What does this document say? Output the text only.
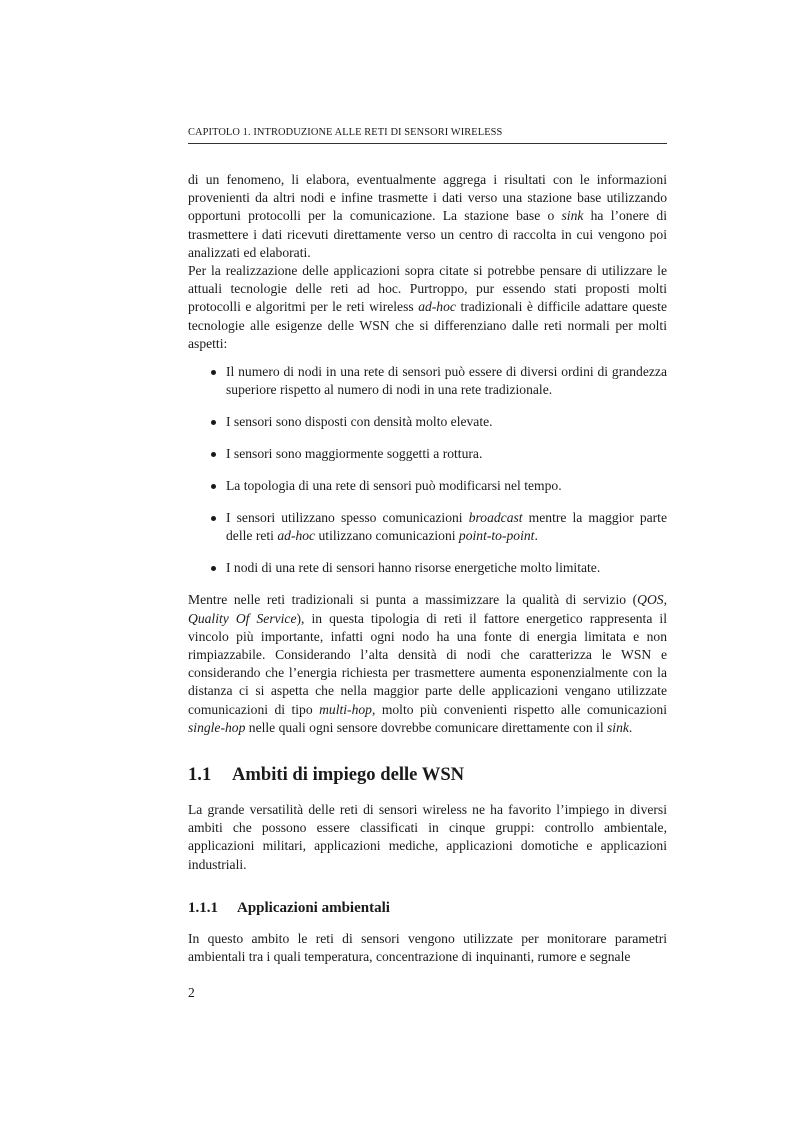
CAPITOLO 1. INTRODUZIONE ALLE RETI DI SENSORI WIRELESS

di un fenomeno, li elabora, eventualmente aggrega i risultati con le informazioni provenienti da altri nodi e infine trasmette i dati verso una stazione base utilizzando opportuni protocolli per la comunicazione. La stazione base o sink ha l’onere di trasmettere i dati ricevuti direttamente verso un centro di raccolta in cui vengono poi analizzati ed elaborati.

Per la realizzazione delle applicazioni sopra citate si potrebbe pensare di utilizzare le attuali tecnologie delle reti ad hoc. Purtroppo, pur essendo stati proposti molti protocolli e algoritmi per le reti wireless ad-hoc tradizionali è difficile adattare queste tecnologie alle esigenze delle WSN che si differenziano dalle reti normali per molti aspetti:

Il numero di nodi in una rete di sensori può essere di diversi ordini di grandezza superiore rispetto al numero di nodi in una rete tradizionale.
I sensori sono disposti con densità molto elevate.
I sensori sono maggiormente soggetti a rottura.
La topologia di una rete di sensori può modificarsi nel tempo.
I sensori utilizzano spesso comunicazioni broadcast mentre la maggior parte delle reti ad-hoc utilizzano comunicazioni point-to-point.
I nodi di una rete di sensori hanno risorse energetiche molto limitate.

Mentre nelle reti tradizionali si punta a massimizzare la qualità di servizio (QOS, Quality Of Service), in questa tipologia di reti il fattore energetico rappresenta il vincolo più importante, infatti ogni nodo ha una fonte di energia limitata e non rimpiazzabile. Considerando l’alta densità di nodi che caratterizza le WSN e considerando che l’energia richiesta per trasmettere aumenta esponenzialmente con la distanza ci si aspetta che nella maggior parte delle applicazioni vengano utilizzate comunicazioni di tipo multi-hop, molto più convenienti rispetto alle comunicazioni single-hop nelle quali ogni sensore dovrebbe comunicare direttamente con il sink.

1.1 Ambiti di impiego delle WSN

La grande versatilità delle reti di sensori wireless ne ha favorito l’impiego in diversi ambiti che possono essere classificati in cinque gruppi: controllo ambientale, applicazioni militari, applicazioni mediche, applicazioni domotiche e applicazioni industriali.

1.1.1 Applicazioni ambientali

In questo ambito le reti di sensori vengono utilizzate per monitorare parametri ambientali tra i quali temperatura, concentrazione di inquinanti, rumore e segnale

2
